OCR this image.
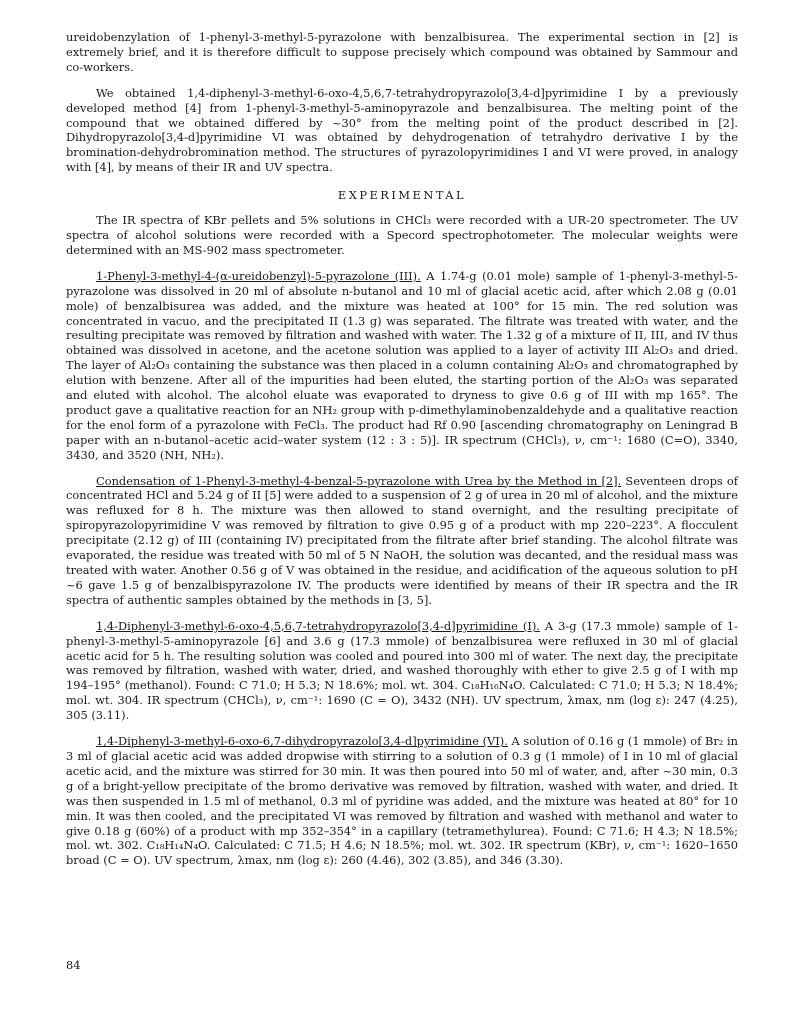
ureidobenzylation of 1-phenyl-3-methyl-5-pyrazolone with benzalbisurea. The experimental section in [2] is extremely brief, and it is therefore difficult to suppose precisely which compound was obtained by Sammour and co-workers.

We obtained 1,4-diphenyl-3-methyl-6-oxo-4,5,6,7-tetrahydropyrazolo[3,4-d]pyrimidine I by a previously developed method [4] from 1-phenyl-3-methyl-5-aminopyrazole and benzalbisurea. The melting point of the compound that we obtained differed by ~30° from the melting point of the product described in [2]. Dihydropyrazolo[3,4-d]pyrimidine VI was obtained by dehydrogenation of tetrahydro derivative I by the bromination-dehydrobromination method. The structures of pyrazolopyrimidines I and VI were proved, in analogy with [4], by means of their IR and UV spectra.

EXPERIMENTAL

The IR spectra of KBr pellets and 5% solutions in CHCl₃ were recorded with a UR-20 spectrometer. The UV spectra of alcohol solutions were recorded with a Specord spectrophotometer. The molecular weights were determined with an MS-902 mass spectrometer.

1-Phenyl-3-methyl-4-(α-ureidobenzyl)-5-pyrazolone (III). A 1.74-g (0.01 mole) sample of 1-phenyl-3-methyl-5-pyrazolone was dissolved in 20 ml of absolute n-butanol and 10 ml of glacial acetic acid, after which 2.08 g (0.01 mole) of benzalbisurea was added, and the mixture was heated at 100° for 15 min. The red solution was concentrated in vacuo, and the precipitated II (1.3 g) was separated. The filtrate was treated with water, and the resulting precipitate was removed by filtration and washed with water. The 1.32 g of a mixture of II, III, and IV thus obtained was dissolved in acetone, and the acetone solution was applied to a layer of activity III Al₂O₃ and dried. The layer of Al₂O₃ containing the substance was then placed in a column containing Al₂O₃ and chromatographed by elution with benzene. After all of the impurities had been eluted, the starting portion of the Al₂O₃ was separated and eluted with alcohol. The alcohol eluate was evaporated to dryness to give 0.6 g of III with mp 165°. The product gave a qualitative reaction for an NH₂ group with p-dimethylaminobenzaldehyde and a qualitative reaction for the enol form of a pyrazolone with FeCl₃. The product had Rf 0.90 [ascending chromatography on Leningrad B paper with an n-butanol–acetic acid–water system (12 : 3 : 5)]. IR spectrum (CHCl₃), ν, cm⁻¹: 1680 (C=O), 3340, 3430, and 3520 (NH, NH₂).

Condensation of 1-Phenyl-3-methyl-4-benzal-5-pyrazolone with Urea by the Method in [2]. Seventeen drops of concentrated HCl and 5.24 g of II [5] were added to a suspension of 2 g of urea in 20 ml of alcohol, and the mixture was refluxed for 8 h. The mixture was then allowed to stand overnight, and the resulting precipitate of spiropyrazolopyrimidine V was removed by filtration to give 0.95 g of a product with mp 220–223°. A flocculent precipitate (2.12 g) of III (containing IV) precipitated from the filtrate after brief standing. The alcohol filtrate was evaporated, the residue was treated with 50 ml of 5 N NaOH, the solution was decanted, and the residual mass was treated with water. Another 0.56 g of V was obtained in the residue, and acidification of the aqueous solution to pH ~6 gave 1.5 g of benzalbispyrazolone IV. The products were identified by means of their IR spectra and the IR spectra of authentic samples obtained by the methods in [3, 5].

1,4-Diphenyl-3-methyl-6-oxo-4,5,6,7-tetrahydropyrazolo[3,4-d]pyrimidine (I). A 3-g (17.3 mmole) sample of 1-phenyl-3-methyl-5-aminopyrazole [6] and 3.6 g (17.3 mmole) of benzalbisurea were refluxed in 30 ml of glacial acetic acid for 5 h. The resulting solution was cooled and poured into 300 ml of water. The next day, the precipitate was removed by filtration, washed with water, dried, and washed thoroughly with ether to give 2.5 g of I with mp 194–195° (methanol). Found: C 71.0; H 5.3; N 18.6%; mol. wt. 304. C₁₈H₁₆N₄O. Calculated: C 71.0; H 5.3; N 18.4%; mol. wt. 304. IR spectrum (CHCl₃), ν, cm⁻¹: 1690 (C = O), 3432 (NH). UV spectrum, λmax, nm (log ε): 247 (4.25), 305 (3.11).

1,4-Diphenyl-3-methyl-6-oxo-6,7-dihydropyrazolo[3,4-d]pyrimidine (VI). A solution of 0.16 g (1 mmole) of Br₂ in 3 ml of glacial acetic acid was added dropwise with stirring to a solution of 0.3 g (1 mmole) of I in 10 ml of glacial acetic acid, and the mixture was stirred for 30 min. It was then poured into 50 ml of water, and, after ~30 min, 0.3 g of a bright-yellow precipitate of the bromo derivative was removed by filtration, washed with water, and dried. It was then suspended in 1.5 ml of methanol, 0.3 ml of pyridine was added, and the mixture was heated at 80° for 10 min. It was then cooled, and the precipitated VI was removed by filtration and washed with methanol and water to give 0.18 g (60%) of a product with mp 352–354° in a capillary (tetramethylurea). Found: C 71.6; H 4.3; N 18.5%; mol. wt. 302. C₁₈H₁₄N₄O. Calculated: C 71.5; H 4.6; N 18.5%; mol. wt. 302. IR spectrum (KBr), ν, cm⁻¹: 1620–1650 broad (C = O). UV spectrum, λmax, nm (log ε): 260 (4.46), 302 (3.85), and 346 (3.30).

84
